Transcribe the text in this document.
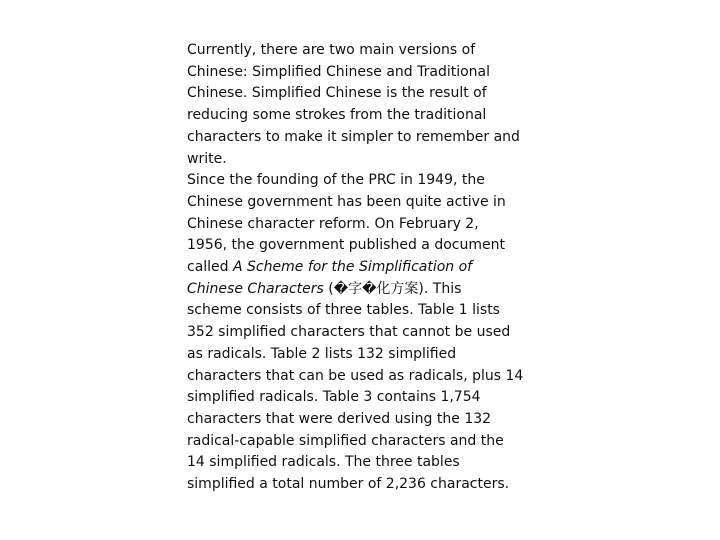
Currently, there are two main versions of
Chinese: Simplified Chinese and Traditional
Chinese. Simplified Chinese is the result of
reducing some strokes from the traditional
characters to make it simpler to remember and
write.
Since the founding of the PRC in 1949, the
Chinese government has been quite active in
Chinese character reform. On February 2,
1956, the government published a document
called A Scheme for the Simplification of
Chinese Characters (�字�化方案). This
scheme consists of three tables. Table 1 lists
352 simplified characters that cannot be used
as radicals. Table 2 lists 132 simplified
characters that can be used as radicals, plus 14
simplified radicals. Table 3 contains 1,754
characters that were derived using the 132
radical-capable simplified characters and the
14 simplified radicals. The three tables
simplified a total number of 2,236 characters.
